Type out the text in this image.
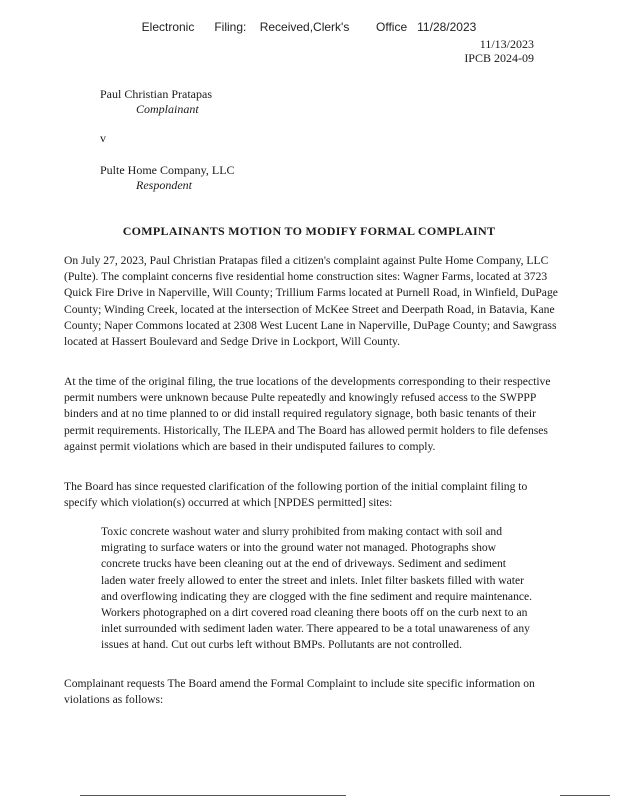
Electronic      Filing:    Received,Clerk's        Office   11/28/2023
11/13/2023
IPCB 2024-09
Paul Christian Pratapas
Complainant
v
Pulte Home Company, LLC
Respondent
COMPLAINANTS MOTION TO MODIFY FORMAL COMPLAINT

On July 27, 2023, Paul Christian Pratapas filed a citizen's complaint against Pulte Home Company, LLC (Pulte). The complaint concerns five residential home construction sites: Wagner Farms, located at 3723 Quick Fire Drive in Naperville, Will County; Trillium Farms located at Purnell Road, in Winfield, DuPage County; Winding Creek, located at the intersection of McKee Street and Deerpath Road, in Batavia, Kane County; Naper Commons located at 2308 West Lucent Lane in Naperville, DuPage County; and Sawgrass located at Hassert Boulevard and Sedge Drive in Lockport, Will County.

At the time of the original filing, the true locations of the developments corresponding to their respective permit numbers were unknown because Pulte repeatedly and knowingly refused access to the SWPPP binders and at no time planned to or did install required regulatory signage, both basic tenants of their permit requirements. Historically, The ILEPA and The Board has allowed permit holders to file defenses against permit violations which are based in their undisputed failures to comply.

The Board has since requested clarification of the following portion of the initial complaint filing to specify which violation(s) occurred at which [NPDES permitted] sites:

Toxic concrete washout water and slurry prohibited from making contact with soil and migrating to surface waters or into the ground water not managed. Photographs show concrete trucks have been cleaning out at the end of driveways. Sediment and sediment laden water freely allowed to enter the street and inlets. Inlet filter baskets filled with water and overflowing indicating they are clogged with the fine sediment and require maintenance. Workers photographed on a dirt covered road cleaning there boots off on the curb next to an inlet surrounded with sediment laden water. There appeared to be a total unawareness of any issues at hand. Cut out curbs left without BMPs. Pollutants are not controlled.

Complainant requests The Board amend the Formal Complaint to include site specific information on violations as follows:
